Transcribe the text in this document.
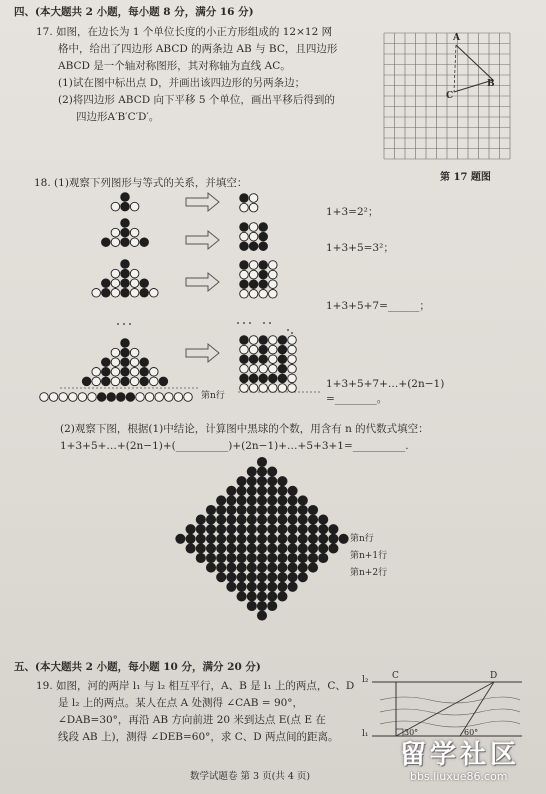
四、(本大题共 2 小题，每小题 8 分，满分 16 分)
17. 如图，在边长为 1 个单位长度的小正方形组成的 12×12 网
格中，给出了四边形 ABCD 的两条边 AB 与 BC，且四边形
ABCD 是一个轴对称图形，其对称轴为直线 AC。
(1)试在图中标出点 D，并画出该四边形的另两条边；
(2)将四边形 ABCD 向下平移 5 个单位，画出平移后得到的
四边形A′B′C′D′。
A
B
C
第 17 题图
18. (1)观察下列图形与等式的关系，并填空：
1+3=2²；
1+3+5=3²；
1+3+5+7=______；
1+3+5+7+…+(2n−1)
=________。
第n行
(2)观察下图，根据(1)中结论，计算图中黑球的个数，用含有 n 的代数式填空：
1+3+5+…+(2n−1)+(__________)+(2n−1)+…+5+3+1=__________.
第n行
第n+1行
第n+2行
五、(本大题共 2 小题，每小题 10 分，满分 20 分)
19. 如图，河的两岸 l₁ 与 l₂ 相互平行，A、B 是 l₁ 上的两点，C、D
是 l₂ 上的两点。某人在点 A 处测得 ∠CAB = 90°，
∠DAB=30°，再沿 AB 方向前进 20 米到达点 E(点 E 在
线段 AB 上)，测得 ∠DEB=60°，求 C、D 两点间的距离。
l₂
l₁
C	D
30°	60°
数学试题卷 第 3 页(共 4 页)
留学社区
bbs.liuxue86.com
